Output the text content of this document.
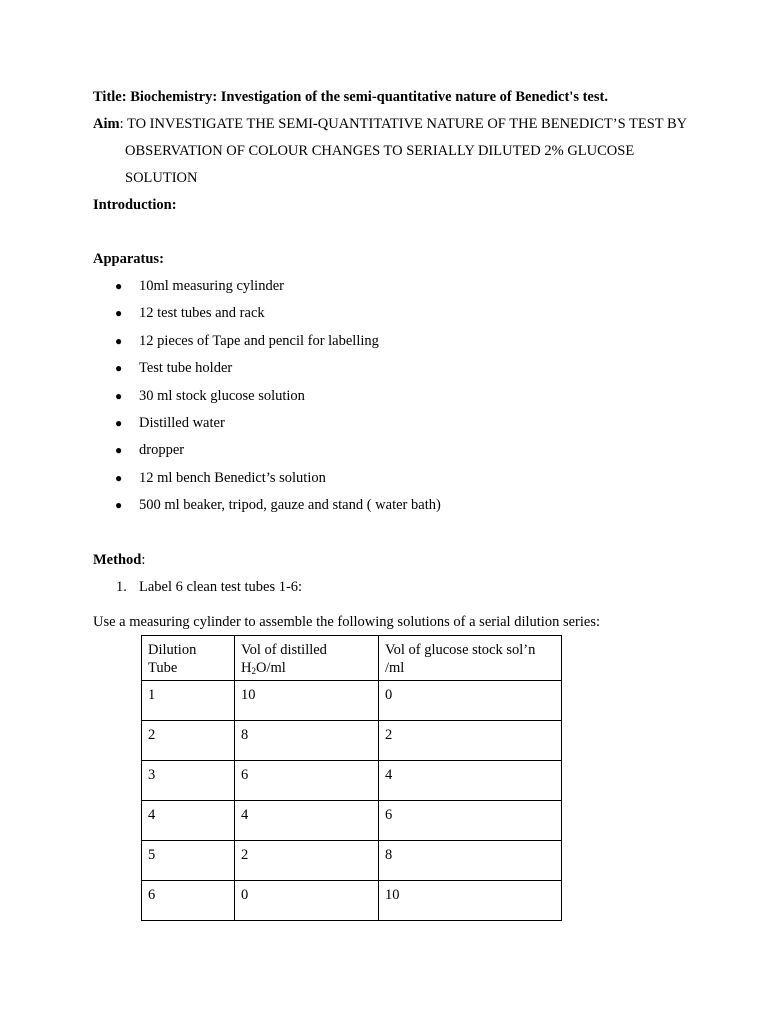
Title: Biochemistry: Investigation of the semi-quantitative nature of Benedict's test.
Aim: TO INVESTIGATE THE SEMI-QUANTITATIVE NATURE OF THE BENEDICT’S TEST BY
OBSERVATION OF COLOUR CHANGES TO SERIALLY DILUTED 2% GLUCOSE
SOLUTION
Introduction:
Apparatus:
● 10ml measuring cylinder
● 12 test tubes and rack
● 12 pieces of Tape and pencil for labelling
● Test tube holder
● 30 ml stock glucose solution
● Distilled water
● dropper
● 12 ml bench Benedict’s solution
● 500 ml beaker, tripod, gauze and stand ( water bath)
Method:
1. Label 6 clean test tubes 1-6:
Use a measuring cylinder to assemble the following solutions of a serial dilution series:
Dilution Tube	Vol of distilled $H_2O/ml$	Vol of glucose stock sol’n /ml
1	10	0
2	8	2
3	6	4
4	4	6
5	2	8
6	0	10
